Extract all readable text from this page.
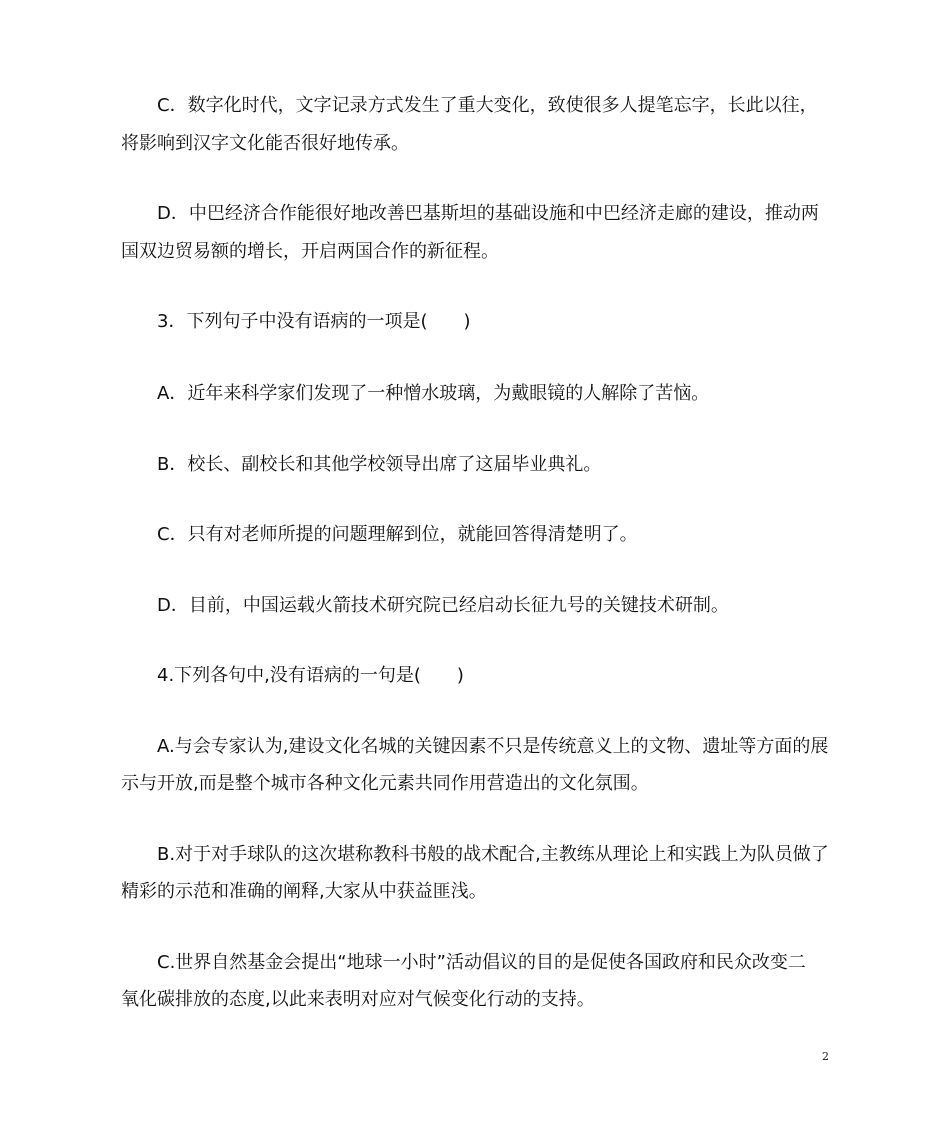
C．数字化时代，文字记录方式发生了重大变化，致使很多人提笔忘字，长此以往，
将影响到汉字文化能否很好地传承。
D．中巴经济合作能很好地改善巴基斯坦的基础设施和中巴经济走廊的建设，推动两
国双边贸易额的增长，开启两国合作的新征程。
3．下列句子中没有语病的一项是(　　)
A．近年来科学家们发现了一种憎水玻璃，为戴眼镜的人解除了苦恼。
B．校长、副校长和其他学校领导出席了这届毕业典礼。
C．只有对老师所提的问题理解到位，就能回答得清楚明了。
D．目前，中国运载火箭技术研究院已经启动长征九号的关键技术研制。
4.下列各句中,没有语病的一句是(　　)
A.与会专家认为,建设文化名城的关键因素不只是传统意义上的文物、遗址等方面的展
示与开放,而是整个城市各种文化元素共同作用营造出的文化氛围。
B.对于对手球队的这次堪称教科书般的战术配合,主教练从理论上和实践上为队员做了
精彩的示范和准确的阐释,大家从中获益匪浅。
C.世界自然基金会提出“地球一小时”活动倡议的目的是促使各国政府和民众改变二
氧化碳排放的态度,以此来表明对应对气候变化行动的支持。
2
